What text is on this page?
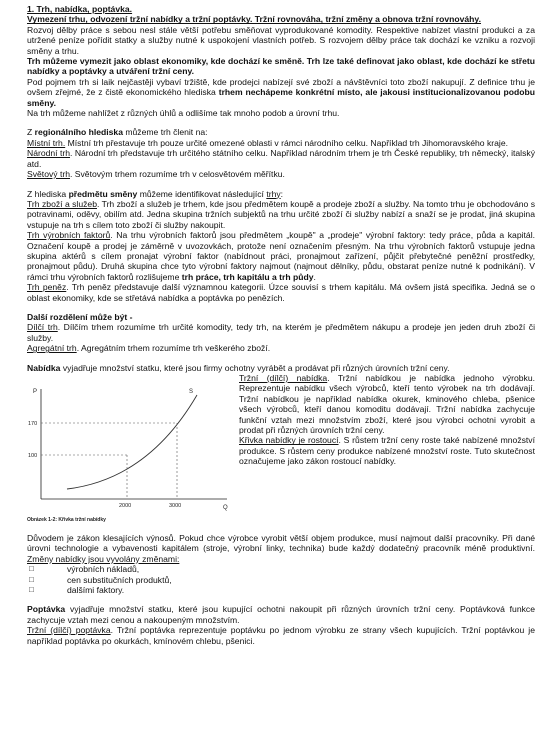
1. Trh, nabídka, poptávka.

Vymezení trhu, odvození tržní nabídky a tržní poptávky. Tržní rovnováha, tržní změny a obnova tržní rovnováhy.

Rozvoj dělby práce s sebou nesl stále větší potřebu směňovat vyprodukované komodity. Respektive nabízet vlastní produkci a za utržené peníze pořídit statky a služby nutné k uspokojení vlastních potřeb. S rozvojem dělby práce tak dochází ke vzniku a rozvoji směny a trhu.

Trh můžeme vymezit jako oblast ekonomiky, kde dochází ke směně. Trh lze také definovat jako oblast, kde dochází ke střetu nabídky a poptávky a utváření tržní ceny.

Pod pojmem trh si laik nejčastěji vybaví tržiště, kde prodejci nabízejí své zboží a návštěvníci toto zboží nakupují. Z definice trhu je ovšem zřejmé, že z čistě ekonomického hlediska trhem nechápeme konkrétní místo, ale jakousi institucionalizovanou podobu směny.

Na trh můžeme nahlížet z různých úhlů a odlišíme tak mnoho podob a úrovní trhu.

Z regionálního hlediska můžeme trh členit na:

Místní trh. Místní trh přestavuje trh pouze určité omezené oblasti v rámci národního celku. Například trh Jihomoravského kraje.

Národní trh. Národní trh představuje trh určitého státního celku. Například národním trhem je trh České republiky, trh německý, italský atd.

Světový trh. Světovým trhem rozumíme trh v celosvětovém měřítku.

Z hlediska předmětu směny můžeme identifikovat následující trhy:

Trh zboží a služeb. Trh zboží a služeb je trhem, kde jsou předmětem koupě a prodeje zboží a služby. Na tomto trhu je obchodováno s potravinami, oděvy, obilím atd. Jedna skupina tržních subjektů na trhu určité zboží či služby nabízí a snaží se je prodat, jiná skupina vstupuje na trh s cílem toto zboží či služby nakoupit.

Trh výrobních faktorů. Na trhu výrobních faktorů jsou předmětem „koupě" a „prodeje" výrobní faktory: tedy práce, půda a kapitál. Označení koupě a prodej je záměrně v uvozovkách, protože není označením přesným. Na trhu výrobních faktorů vstupuje jedna skupina aktérů s cílem pronajat výrobní faktor (nabídnout práci, pronajmout zařízení, půjčit přebytečné peněžní prostředky, pronajmout půdu). Druhá skupina chce tyto výrobní faktory najmout (najmout dělníky, půdu, obstarat peníze nutné k podnikání). V rámci trhu výrobních faktorů rozlišujeme trh práce, trh kapitálu a trh půdy.

Trh peněz. Trh peněz představuje další významnou kategorii. Úzce souvisí s trhem kapitálu. Má ovšem jistá specifika. Jedná se o oblast ekonomiky, kde se střetává nabídka a poptávka po penězích.

Další rozdělení může být -

Dílčí trh. Dílčím trhem rozumíme trh určité komodity, tedy trh, na kterém je předmětem nákupu a prodeje jen jeden druh zboží či služby.

Agregátní trh. Agregátním trhem rozumíme trh veškerého zboží.

Nabídka vyjadřuje množství statku, které jsou firmy ochotny vyrábět a prodávat při různých úrovních tržní ceny.

P
Q
S
170
100
2000	3000
Obrázek 1-2: Křivka tržní nabídky

Tržní (dílčí) nabídka. Tržní nabídkou je nabídka jednoho výrobku. Reprezentuje nabídku všech výrobců, kteří tento výrobek na trh dodávají. Tržní nabídkou je například nabídka okurek, kminového chleba, pšenice všech výrobců, kteří danou komoditu dodávají. Tržní nabídka zachycuje funkční vztah mezi množstvím zboží, které jsou výrobci ochotni vyrobit a prodat při různých úrovních tržní ceny.

Křivka nabídky je rostoucí. S růstem tržní ceny roste také nabízené množství produkce. S růstem ceny produkce nabízené množství roste. Tuto skutečnost označujeme jako zákon rostoucí nabídky.

Důvodem je zákon klesajících výnosů. Pokud chce výrobce vyrobit větší objem produkce, musí najmout další pracovníky. Při dané úrovni technologie a vybavenosti kapitálem (stroje, výrobní linky, technika) bude každý dodatečný pracovník méně produktivní. Změny nabídky jsou vyvolány změnami:

□	výrobních nákladů,
□	cen substitučních produktů,
□	dalšími faktory.

Poptávka vyjadřuje množství statku, které jsou kupující ochotni nakoupit při různých úrovních tržní ceny. Poptávková funkce zachycuje vztah mezi cenou a nakoupeným množstvím.

Tržní (dílčí) poptávka. Tržní poptávka reprezentuje poptávku po jednom výrobku ze strany všech kupujících. Tržní poptávkou je například poptávka po okurkách, kmínovém chlebu, pšenici.
